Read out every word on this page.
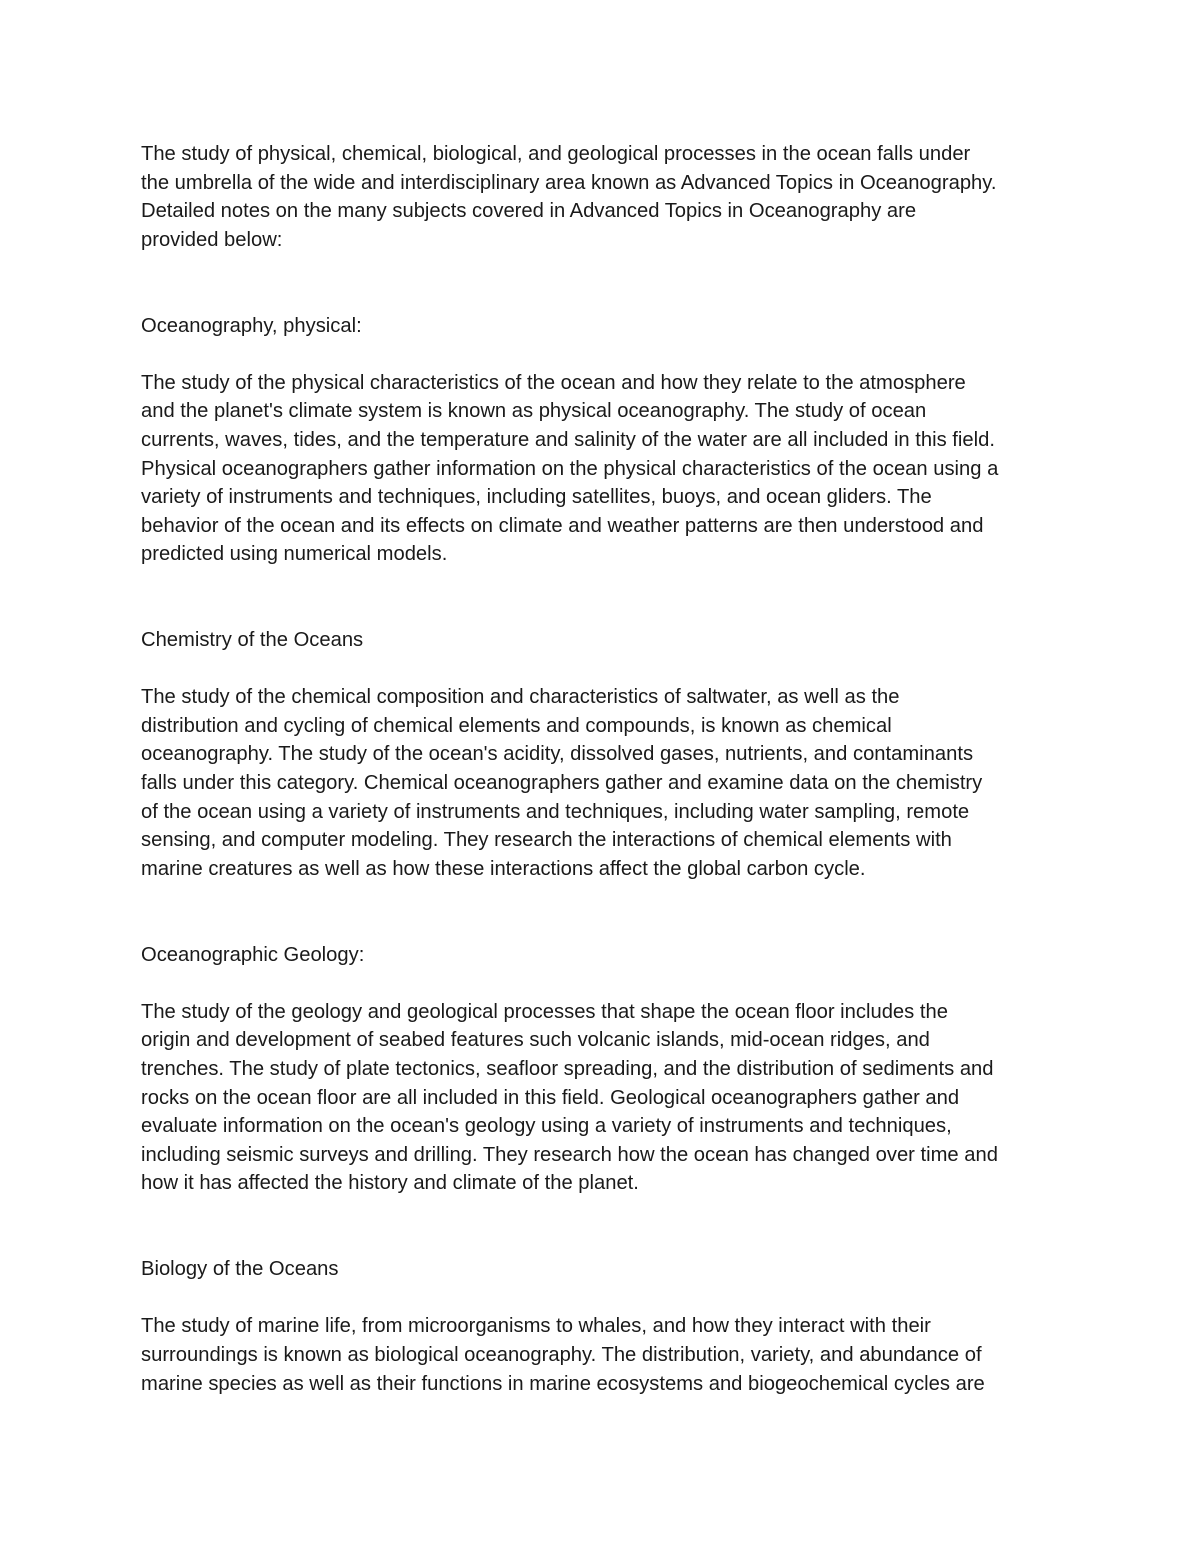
The study of physical, chemical, biological, and geological processes in the ocean falls under
the umbrella of the wide and interdisciplinary area known as Advanced Topics in Oceanography.
Detailed notes on the many subjects covered in Advanced Topics in Oceanography are
provided below:
Oceanography, physical:
The study of the physical characteristics of the ocean and how they relate to the atmosphere
and the planet's climate system is known as physical oceanography. The study of ocean
currents, waves, tides, and the temperature and salinity of the water are all included in this field.
Physical oceanographers gather information on the physical characteristics of the ocean using a
variety of instruments and techniques, including satellites, buoys, and ocean gliders. The
behavior of the ocean and its effects on climate and weather patterns are then understood and
predicted using numerical models.
Chemistry of the Oceans
The study of the chemical composition and characteristics of saltwater, as well as the
distribution and cycling of chemical elements and compounds, is known as chemical
oceanography. The study of the ocean's acidity, dissolved gases, nutrients, and contaminants
falls under this category. Chemical oceanographers gather and examine data on the chemistry
of the ocean using a variety of instruments and techniques, including water sampling, remote
sensing, and computer modeling. They research the interactions of chemical elements with
marine creatures as well as how these interactions affect the global carbon cycle.
Oceanographic Geology:
The study of the geology and geological processes that shape the ocean floor includes the
origin and development of seabed features such volcanic islands, mid-ocean ridges, and
trenches. The study of plate tectonics, seafloor spreading, and the distribution of sediments and
rocks on the ocean floor are all included in this field. Geological oceanographers gather and
evaluate information on the ocean's geology using a variety of instruments and techniques,
including seismic surveys and drilling. They research how the ocean has changed over time and
how it has affected the history and climate of the planet.
Biology of the Oceans
The study of marine life, from microorganisms to whales, and how they interact with their
surroundings is known as biological oceanography. The distribution, variety, and abundance of
marine species as well as their functions in marine ecosystems and biogeochemical cycles are
